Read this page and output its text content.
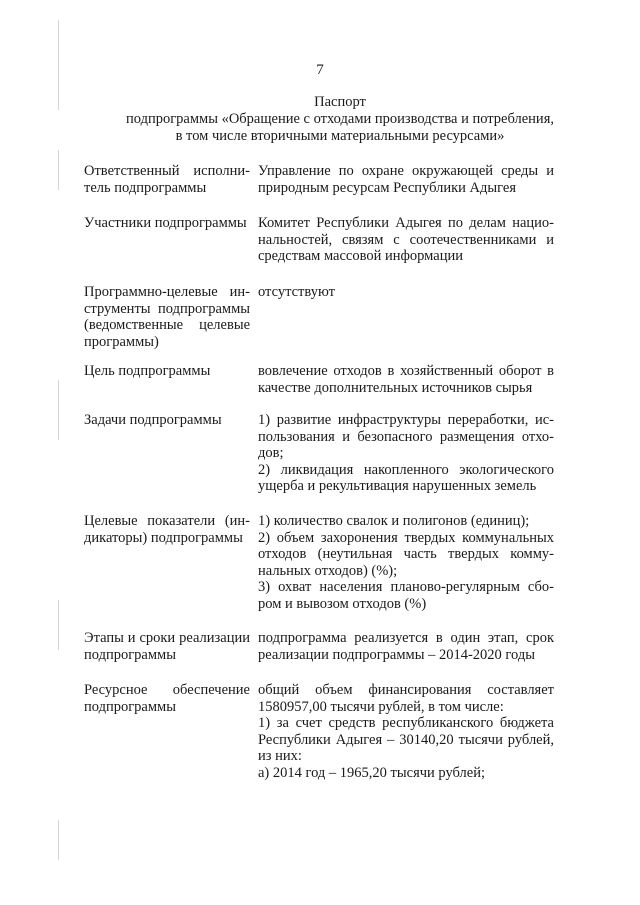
7
Паспорт
подпрограммы «Обращение с отходами производства и потребления,
в том числе вторичными материальными ресурсами»
Ответственный исполни-
тель подпрограммы
Управление по охране окружающей среды и
природным ресурсам Республики Адыгея
Участники подпрограммы Комитет Республики Адыгея по делам нацио-
нальностей, связям с соотечественниками и
средствам массовой информации
Программно-целевые ин-
струменты подпрограммы
(ведомственные целевые
программы)
отсутствуют
Цель подпрограммы	вовлечение отходов в хозяйственный оборот в
качестве дополнительных источников сырья
Задачи подпрограммы	1) развитие инфраструктуры переработки, ис-
пользования и безопасного размещения отхо-
дов;
2) ликвидация накопленного экологического
ущерба и рекультивация нарушенных земель
Целевые показатели (ин-
дикаторы) подпрограммы
1) количество свалок и полигонов (единиц);
2) объем захоронения твердых коммунальных
отходов (неутильная часть твердых комму-
нальных отходов) (%);
3) охват населения планово-регулярным сбо-
ром и вывозом отходов (%)
Этапы и сроки реализации
подпрограммы
подпрограмма реализуется в один этап, срок
реализации подпрограммы – 2014-2020 годы
Ресурсное обеспечение
подпрограммы
общий объем финансирования составляет
1580957,00 тысячи рублей, в том числе:
1) за счет средств республиканского бюджета
Республики Адыгея – 30140,20 тысячи рублей,
из них:
а) 2014 год – 1965,20 тысячи рублей;
